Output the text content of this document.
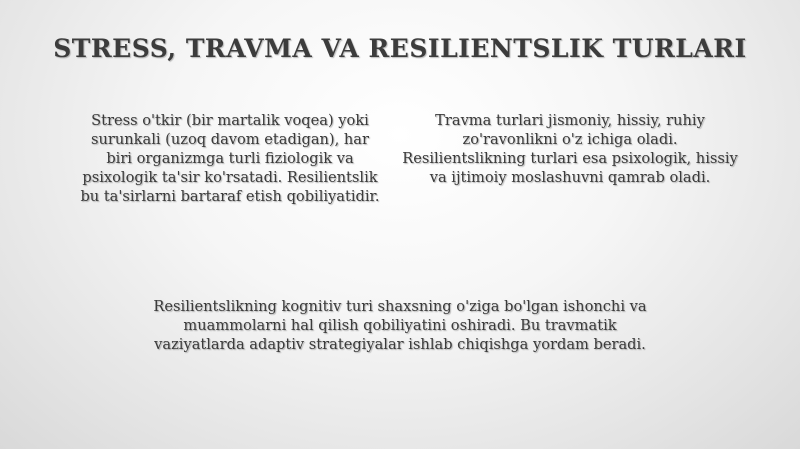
STRESS, TRAVMA VA RESILIENTSLIK TURLARI

Stress o'tkir (bir martalik voqea) yoki surunkali (uzoq davom etadigan), har biri organizmga turli fiziologik va psixologik ta'sir ko'rsatadi. Resilientslik bu ta'sirlarni bartaraf etish qobiliyatidir.

Travma turlari jismoniy, hissiy, ruhiy zo'ravonlikni o'z ichiga oladi. Resilientslikning turlari esa psixologik, hissiy va ijtimoiy moslashuvni qamrab oladi.

Resilientslikning kognitiv turi shaxsning o'ziga bo'lgan ishonchi va muammolarni hal qilish qobiliyatini oshiradi. Bu travmatik vaziyatlarda adaptiv strategiyalar ishlab chiqishga yordam beradi.
